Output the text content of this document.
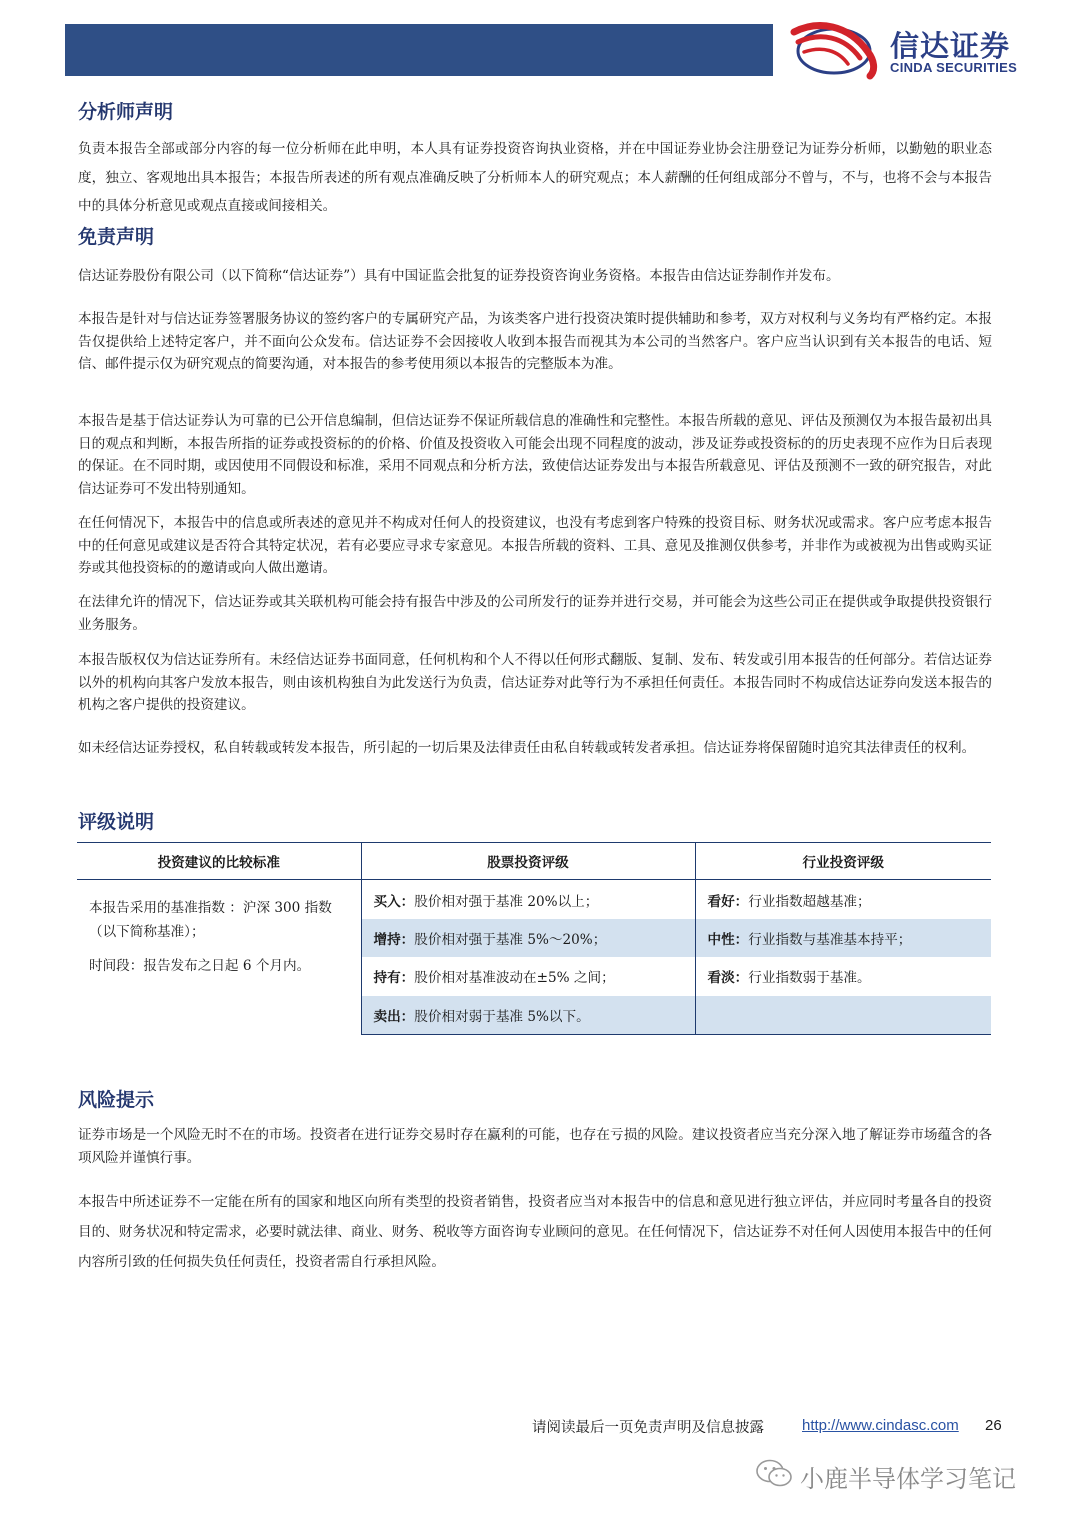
信达证券
CINDA SECURITIES
分析师声明

负责本报告全部或部分内容的每一位分析师在此申明，本人具有证券投资咨询执业资格，并在中国证券业协会注册登记为证券分析师，以勤勉的职业态度，独立、客观地出具本报告；本报告所表述的所有观点准确反映了分析师本人的研究观点；本人薪酬的任何组成部分不曾与，不与，也将不会与本报告中的具体分析意见或观点直接或间接相关。

免责声明

信达证券股份有限公司（以下简称“信达证券”）具有中国证监会批复的证券投资咨询业务资格。本报告由信达证券制作并发布。

本报告是针对与信达证券签署服务协议的签约客户的专属研究产品，为该类客户进行投资决策时提供辅助和参考，双方对权利与义务均有严格约定。本报告仅提供给上述特定客户，并不面向公众发布。信达证券不会因接收人收到本报告而视其为本公司的当然客户。客户应当认识到有关本报告的电话、短信、邮件提示仅为研究观点的简要沟通，对本报告的参考使用须以本报告的完整版本为准。

本报告是基于信达证券认为可靠的已公开信息编制，但信达证券不保证所载信息的准确性和完整性。本报告所载的意见、评估及预测仅为本报告最初出具日的观点和判断，本报告所指的证券或投资标的的价格、价值及投资收入可能会出现不同程度的波动，涉及证券或投资标的的历史表现不应作为日后表现的保证。在不同时期，或因使用不同假设和标准，采用不同观点和分析方法，致使信达证券发出与本报告所载意见、评估及预测不一致的研究报告，对此信达证券可不发出特别通知。

在任何情况下，本报告中的信息或所表述的意见并不构成对任何人的投资建议，也没有考虑到客户特殊的投资目标、财务状况或需求。客户应考虑本报告中的任何意见或建议是否符合其特定状况，若有必要应寻求专家意见。本报告所载的资料、工具、意见及推测仅供参考，并非作为或被视为出售或购买证券或其他投资标的的邀请或向人做出邀请。

在法律允许的情况下，信达证券或其关联机构可能会持有报告中涉及的公司所发行的证券并进行交易，并可能会为这些公司正在提供或争取提供投资银行业务服务。

本报告版权仅为信达证券所有。未经信达证券书面同意，任何机构和个人不得以任何形式翻版、复制、发布、转发或引用本报告的任何部分。若信达证券以外的机构向其客户发放本报告，则由该机构独自为此发送行为负责，信达证券对此等行为不承担任何责任。本报告同时不构成信达证券向发送本报告的机构之客户提供的投资建议。

如未经信达证券授权，私自转载或转发本报告，所引起的一切后果及法律责任由私自转载或转发者承担。信达证券将保留随时追究其法律责任的权利。

评级说明
投资建议的比较标准	股票投资评级	行业投资评级

本报告采用的基准指数 ：沪深 300 指数（以下简称基准）；

时间段：报告发布之日起 6 个月内。	买入：股价相对强于基准 20%以上；	看好：行业指数超越基准；
	增持：股价相对强于基准 5%～20%；	中性：行业指数与基准基本持平；
	持有：股价相对基准波动在±5% 之间；	看淡：行业指数弱于基准。
	卖出：股价相对弱于基准 5%以下。	
风险提示

证券市场是一个风险无时不在的市场。投资者在进行证券交易时存在赢利的可能，也存在亏损的风险。建议投资者应当充分深入地了解证券市场蕴含的各项风险并谨慎行事。

本报告中所述证券不一定能在所有的国家和地区向所有类型的投资者销售，投资者应当对本报告中的信息和意见进行独立评估，并应同时考量各自的投资目的、财务状况和特定需求，必要时就法律、商业、财务、税收等方面咨询专业顾问的意见。在任何情况下，信达证券不对任何人因使用本报告中的任何内容所引致的任何损失负任何责任，投资者需自行承担风险。

请阅读最后一页免责声明及信息披露	http://www.cindasc.com 26
小鹿半导体学习笔记
